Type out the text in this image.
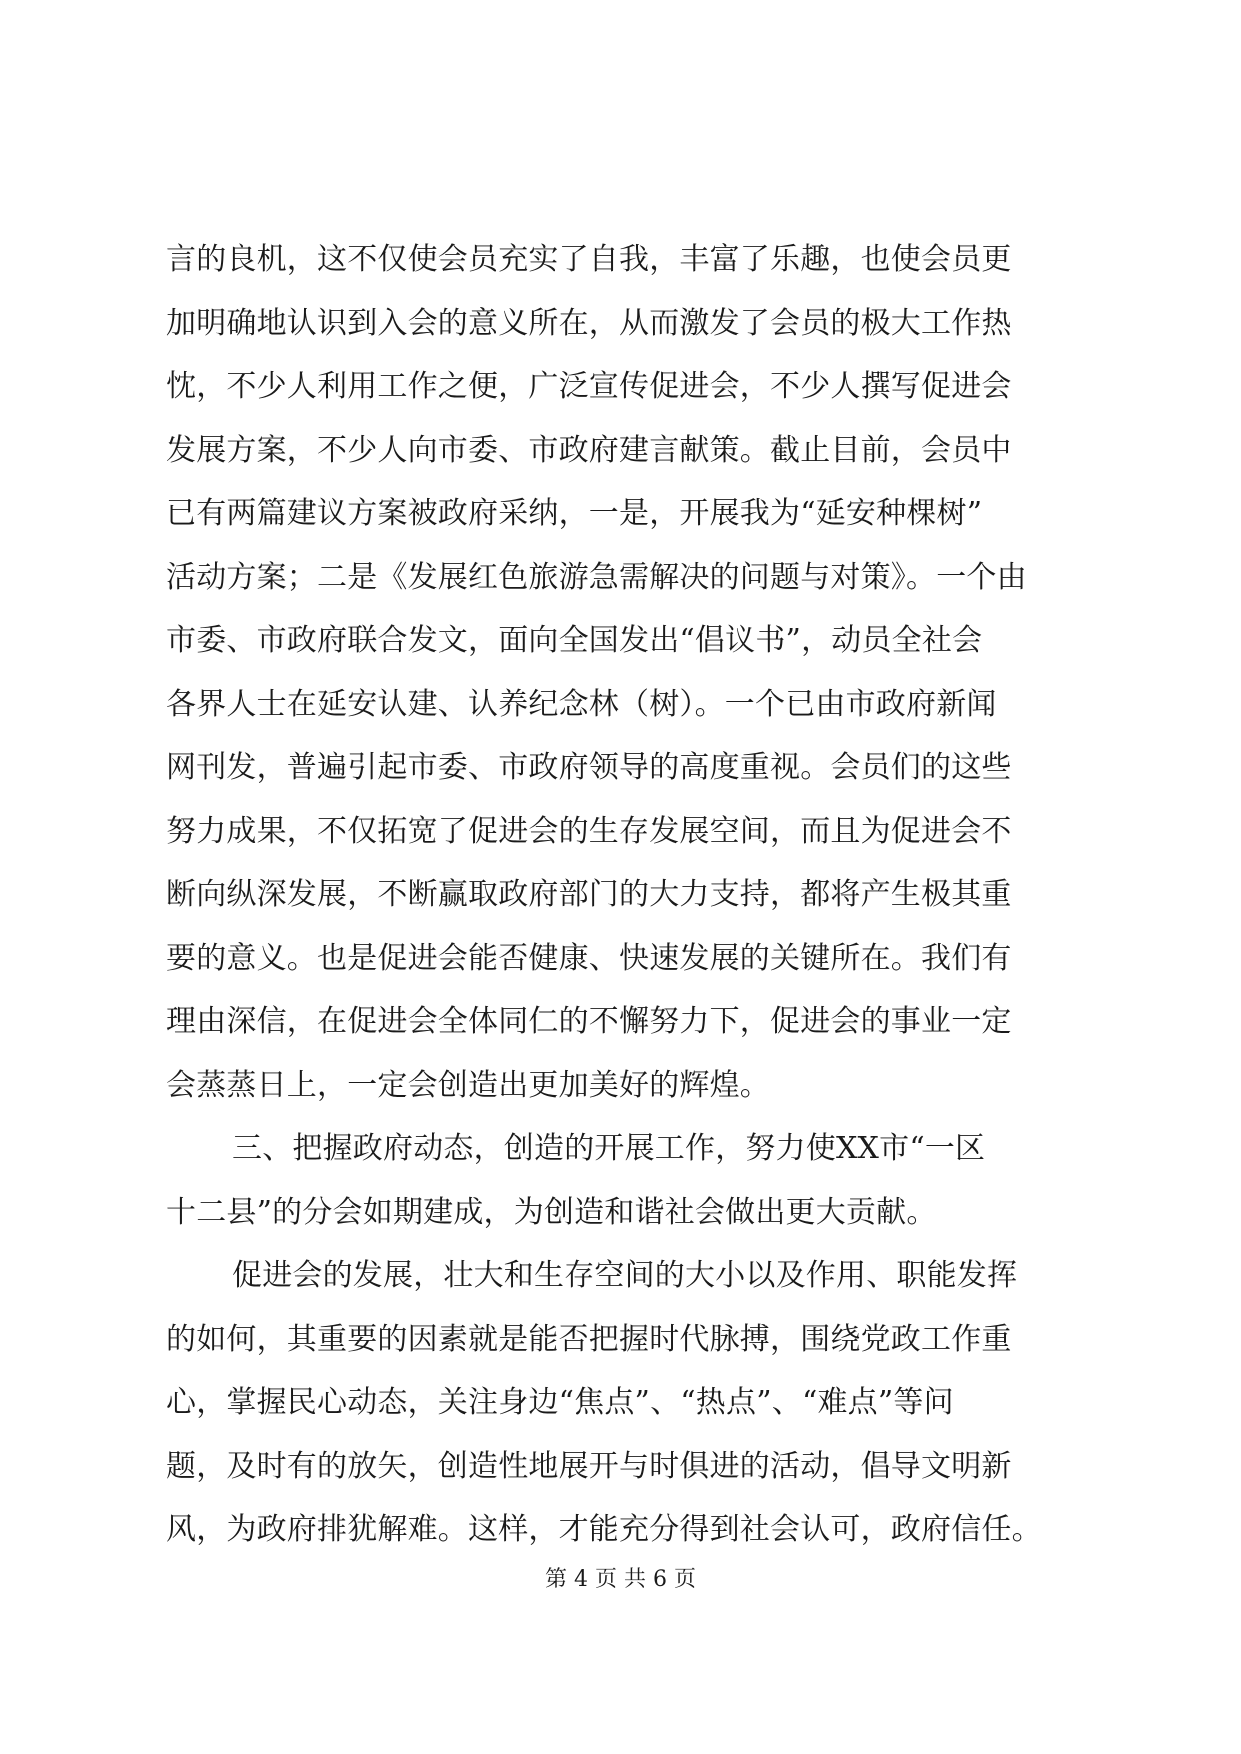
言的良机，这不仅使会员充实了自我，丰富了乐趣，也使会员更
加明确地认识到入会的意义所在，从而激发了会员的极大工作热
忱，不少人利用工作之便，广泛宣传促进会，不少人撰写促进会
发展方案，不少人向市委、市政府建言献策。截止目前，会员中
已有两篇建议方案被政府采纳，一是，开展我为“延安种棵树”
活动方案；二是《发展红色旅游急需解决的问题与对策》。一个由
市委、市政府联合发文，面向全国发出“倡议书”，动员全社会
各界人士在延安认建、认养纪念林（树）。一个已由市政府新闻
网刊发，普遍引起市委、市政府领导的高度重视。会员们的这些
努力成果，不仅拓宽了促进会的生存发展空间，而且为促进会不
断向纵深发展，不断赢取政府部门的大力支持，都将产生极其重
要的意义。也是促进会能否健康、快速发展的关键所在。我们有
理由深信，在促进会全体同仁的不懈努力下，促进会的事业一定
会蒸蒸日上，一定会创造出更加美好的辉煌。
三、把握政府动态，创造的开展工作，努力使XX市“一区
十二县”的分会如期建成，为创造和谐社会做出更大贡献。
促进会的发展，壮大和生存空间的大小以及作用、职能发挥
的如何，其重要的因素就是能否把握时代脉搏，围绕党政工作重
心，掌握民心动态，关注身边“焦点”、“热点”、“难点”等问
题，及时有的放矢，创造性地展开与时俱进的活动，倡导文明新
风，为政府排犹解难。这样，才能充分得到社会认可，政府信任。
第 4 页 共 6 页
